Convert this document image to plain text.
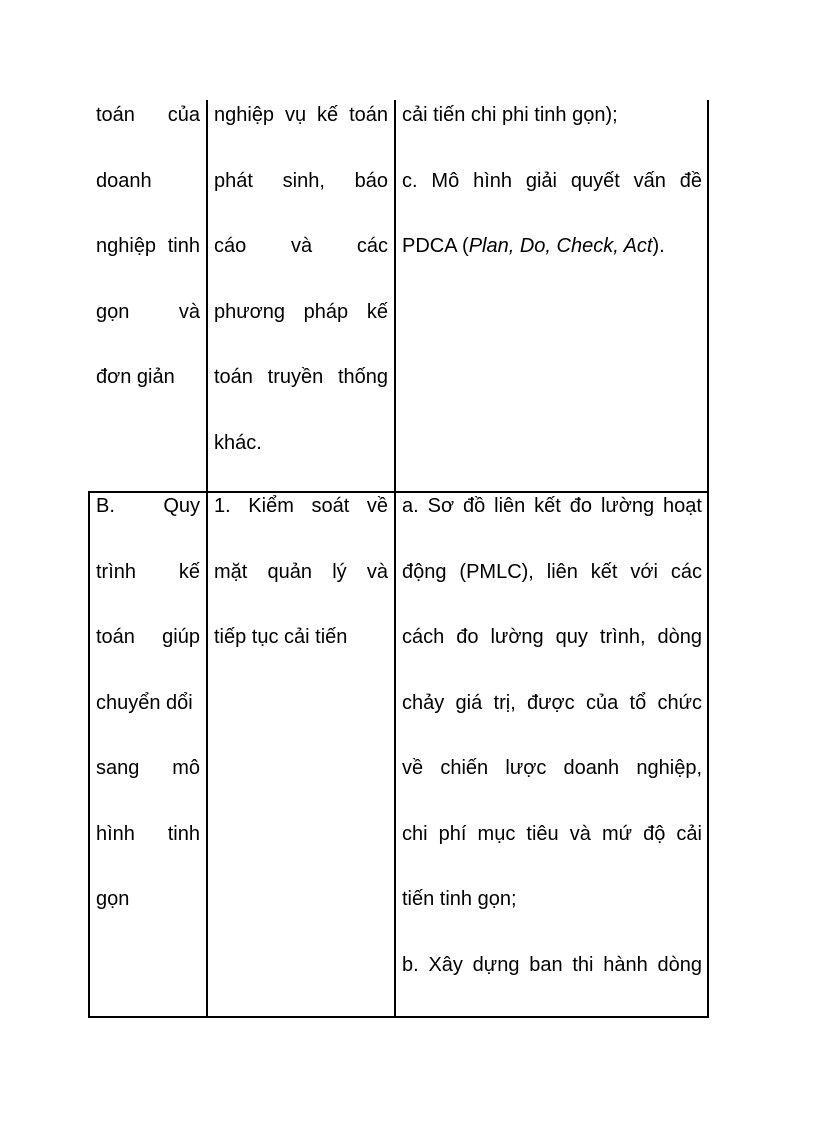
toán của
doanh
nghiệp tinh
gọn và
đơn giản
nghiệp vụ kế toán
phát sinh, báo
cáo và các
phương pháp kế
toán truyền thống
khác.
cải tiến chi phi tinh gọn);
c. Mô hình giải quyết vấn đề
PDCA (Plan, Do, Check, Act).
B. Quy
trình kế
toán giúp
chuyển dổi
sang mô
hình tinh
gọn
1. Kiểm soát về
mặt quản lý và
tiếp tục cải tiến
a. Sơ đồ liên kết đo lường hoạt
động (PMLC), liên kết với các
cách đo lường quy trình, dòng
chảy giá trị, được của tổ chức
về chiến lược doanh nghiệp,
chi phí mục tiêu và mứ độ cải
tiến tinh gọn;
b. Xây dựng ban thi hành dòng
